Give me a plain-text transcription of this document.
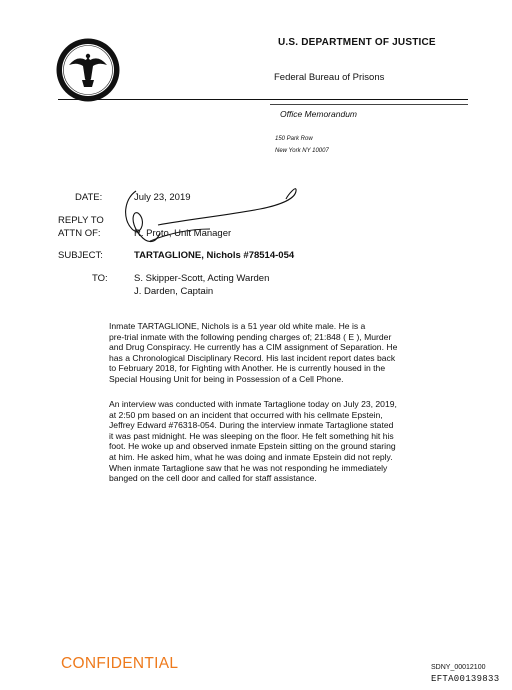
U.S. DEPARTMENT OF JUSTICE
Federal Bureau of Prisons
Office Memorandum
150 Park Row
New York NY 10007
DATE:	July 23, 2019
REPLY TO
ATTN OF:	R. Proto, Unit Manager
SUBJECT:	TARTAGLIONE, Nichols #78514-054
TO:	S. Skipper-Scott, Acting Warden
J. Darden, Captain
Inmate TARTAGLIONE, Nichols is a 51 year old white male. He is a
pre-trial inmate with the following pending charges of; 21:848 ( E ), Murder
and Drug Conspiracy. He currently has a CIM assignment of Separation. He
has a Chronological Disciplinary Record. His last incident report dates back
to February 2018, for Fighting with Another. He is currently housed in the
Special Housing Unit for being in Possession of a Cell Phone.
An interview was conducted with inmate Tartaglione today on July 23, 2019,
at 2:50 pm based on an incident that occurred with his cellmate Epstein,
Jeffrey Edward #76318-054. During the interview inmate Tartaglione stated
it was past midnight. He was sleeping on the floor. He felt something hit his
foot. He woke up and observed inmate Epstein sitting on the ground staring
at him. He asked him, what he was doing and inmate Epstein did not reply.
When inmate Tartaglione saw that he was not responding he immediately
banged on the cell door and called for staff assistance.
CONFIDENTIAL	SDNY_00012100
EFTA00139833
